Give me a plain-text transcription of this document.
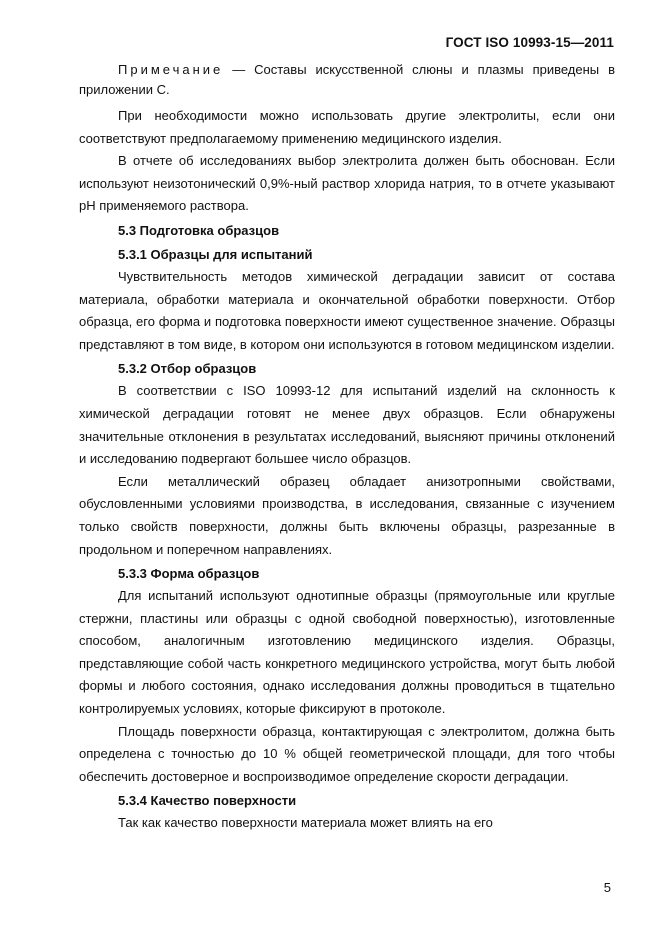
ГОСТ ISO 10993-15—2011

Примечание — Составы искусственной слюны и плазмы приведены в приложении С.

При необходимости можно использовать другие электролиты, если они соответствуют предполагаемому применению медицинского изделия.

В отчете об исследованиях выбор электролита должен быть обоснован. Если используют неизотонический 0,9%-ный раствор хлорида натрия, то в отчете указывают рН применяемого раствора.

5.3 Подготовка образцов

5.3.1 Образцы для испытаний

Чувствительность методов химической деградации зависит от состава материала, обработки материала и окончательной обработки поверхности. Отбор образца, его форма и подготовка поверхности имеют существенное значение. Образцы представляют в том виде, в котором они используются в готовом медицинском изделии.

5.3.2 Отбор образцов

В соответствии с ISO 10993-12 для испытаний изделий на склонность к химической деградации готовят не менее двух образцов. Если обнаружены значительные отклонения в результатах исследований, выясняют причины отклонений и исследованию подвергают большее число образцов.

Если металлический образец обладает анизотропными свойствами, обусловленными условиями производства, в исследования, связанные с изучением только свойств поверхности, должны быть включены образцы, разрезанные в продольном и поперечном направлениях.

5.3.3 Форма образцов

Для испытаний используют однотипные образцы (прямоугольные или круглые стержни, пластины или образцы с одной свободной поверхностью), изготовленные способом, аналогичным изготовлению медицинского изделия. Образцы, представляющие собой часть конкретного медицинского устройства, могут быть любой формы и любого состояния, однако исследования должны проводиться в тщательно контролируемых условиях, которые фиксируют в протоколе.

Площадь поверхности образца, контактирующая с электролитом, должна быть определена с точностью до 10 % общей геометрической площади, для того чтобы обеспечить достоверное и воспроизводимое определение скорости деградации.

5.3.4 Качество поверхности

Так как качество поверхности материала может влиять на его

5
